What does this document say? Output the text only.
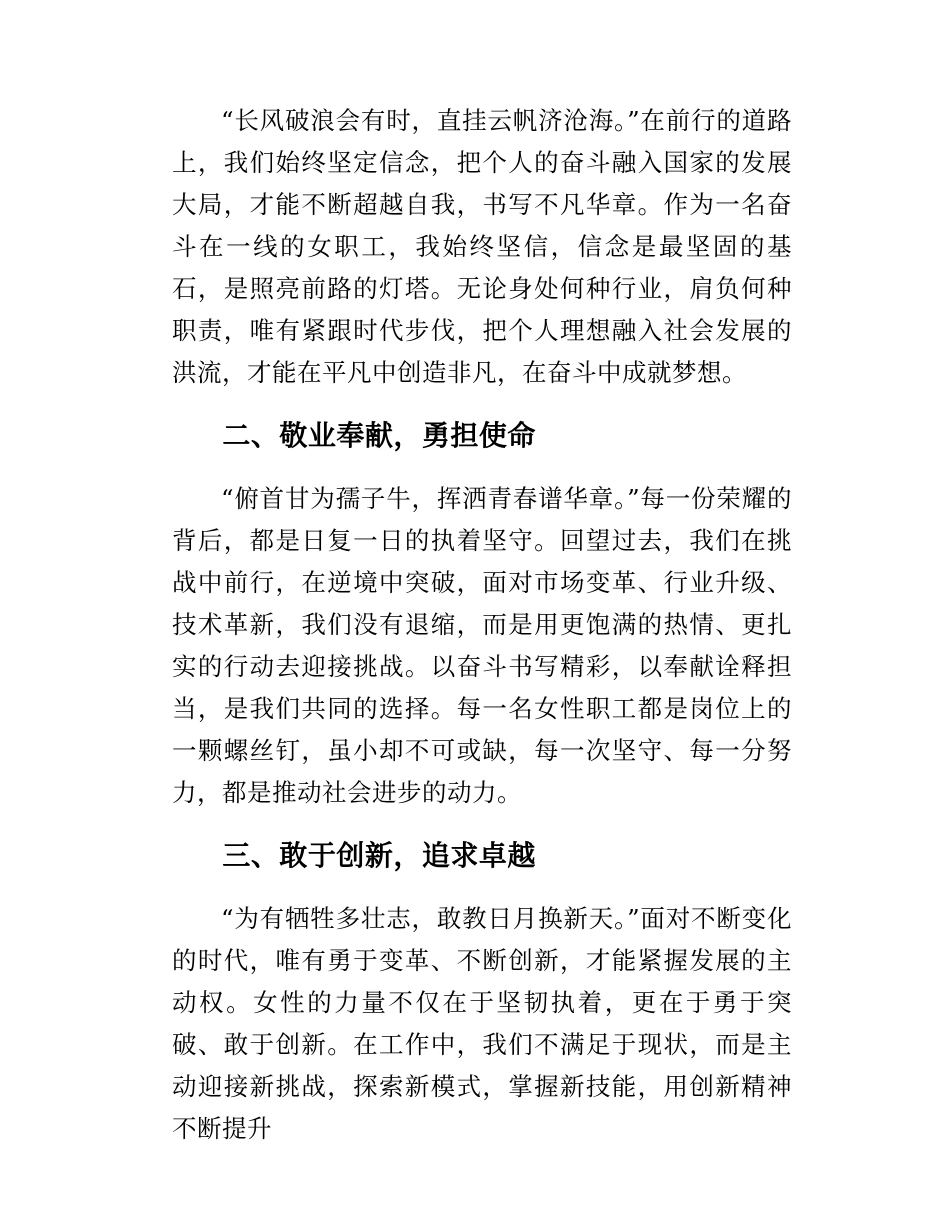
“长风破浪会有时，直挂云帆济沧海。”在前行的道路上，我们始终坚定信念，把个人的奋斗融入国家的发展大局，才能不断超越自我，书写不凡华章。作为一名奋斗在一线的女职工，我始终坚信，信念是最坚固的基石，是照亮前路的灯塔。无论身处何种行业，肩负何种职责，唯有紧跟时代步伐，把个人理想融入社会发展的洪流，才能在平凡中创造非凡，在奋斗中成就梦想。

二、敬业奉献，勇担使命

“俯首甘为孺子牛，挥洒青春谱华章。”每一份荣耀的背后，都是日复一日的执着坚守。回望过去，我们在挑战中前行，在逆境中突破，面对市场变革、行业升级、技术革新，我们没有退缩，而是用更饱满的热情、更扎实的行动去迎接挑战。以奋斗书写精彩，以奉献诠释担当，是我们共同的选择。每一名女性职工都是岗位上的一颗螺丝钉，虽小却不可或缺，每一次坚守、每一分努力，都是推动社会进步的动力。

三、敢于创新，追求卓越

“为有牺牲多壮志，敢教日月换新天。”面对不断变化的时代，唯有勇于变革、不断创新，才能紧握发展的主动权。女性的力量不仅在于坚韧执着，更在于勇于突破、敢于创新。在工作中，我们不满足于现状，而是主动迎接新挑战，探索新模式，掌握新技能，用创新精神不断提升
